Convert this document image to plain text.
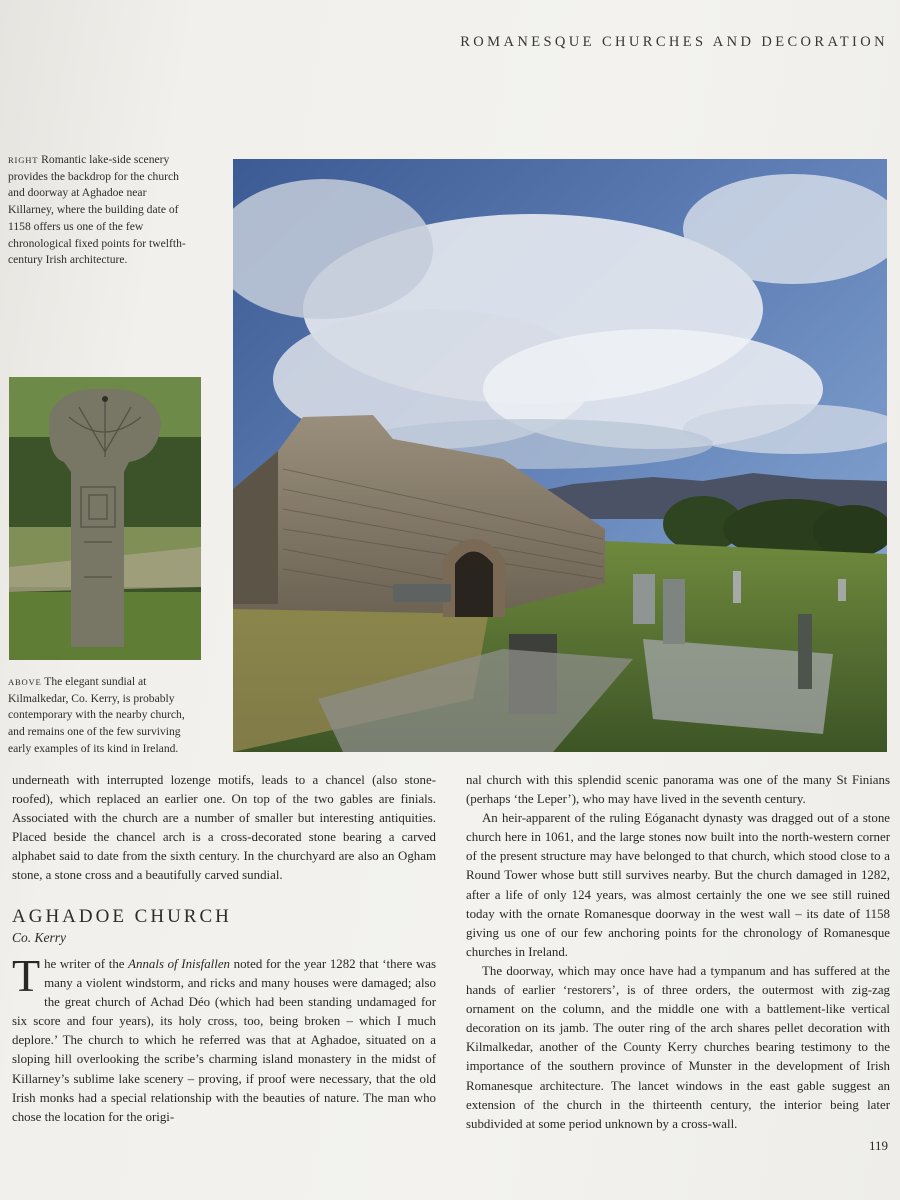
ROMANESQUE CHURCHES AND DECORATION
RIGHT Romantic lake-side scenery provides the backdrop for the church and doorway at Aghadoe near Killarney, where the building date of 1158 offers us one of the few chronological fixed points for twelfth-century Irish architecture.
ABOVE The elegant sundial at Kilmalkedar, Co. Kerry, is probably contemporary with the nearby church, and remains one of the few surviving early examples of its kind in Ireland.

underneath with interrupted lozenge motifs, leads to a chancel (also stone-roofed), which replaced an earlier one. On top of the two gables are finials. Associated with the church are a number of smaller but interesting antiquities. Placed beside the chancel arch is a cross-decorated stone bearing a carved alphabet said to date from the sixth century. In the churchyard are also an Ogham stone, a stone cross and a beautifully carved sundial.

AGHADOE CHURCH
Co. Kerry

The writer of the Annals of Inisfallen noted for the year 1282 that ‘there was many a violent windstorm, and ricks and many houses were damaged; also the great church of Achad Déo (which had been standing undamaged for six score and four years), its holy cross, too, being broken – which I much deplore.’ The church to which he referred was that at Aghadoe, situated on a sloping hill overlooking the scribe’s charming island monastery in the midst of Killarney’s sublime lake scenery – proving, if proof were necessary, that the old Irish monks had a special relationship with the beauties of nature. The man who chose the location for the origi-

nal church with this splendid scenic panorama was one of the many St Finians (perhaps ‘the Leper’), who may have lived in the seventh century.

An heir-apparent of the ruling Eóganacht dynasty was dragged out of a stone church here in 1061, and the large stones now built into the north-western corner of the present structure may have belonged to that church, which stood close to a Round Tower whose butt still survives nearby. But the church damaged in 1282, after a life of only 124 years, was almost certainly the one we see still ruined today with the ornate Romanesque doorway in the west wall – its date of 1158 giving us one of our few anchoring points for the chronology of Romanesque churches in Ireland.

The doorway, which may once have had a tympanum and has suffered at the hands of earlier ‘restorers’, is of three orders, the outermost with zig-zag ornament on the column, and the middle one with a battlement-like vertical decoration on its jamb. The outer ring of the arch shares pellet decoration with Kilmalkedar, another of the County Kerry churches bearing testimony to the importance of the southern province of Munster in the development of Irish Romanesque architecture. The lancet windows in the east gable suggest an extension of the church in the thirteenth century, the interior being later subdivided at some period unknown by a cross-wall.

119
